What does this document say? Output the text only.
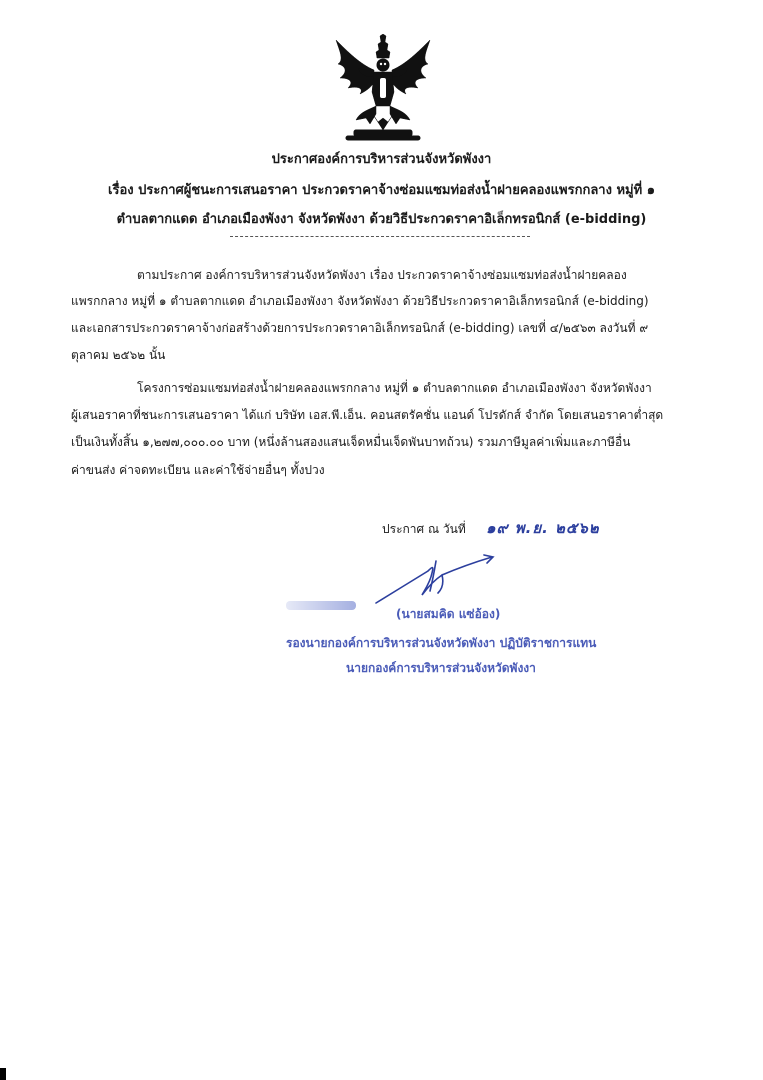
ประกาศองค์การบริหารส่วนจังหวัดพังงา
เรื่อง ประกาศผู้ชนะการเสนอราคา ประกวดราคาจ้างซ่อมแซมท่อส่งน้ำฝายคลองแพรกกลาง หมู่ที่ ๑
ตำบลตากแดด อำเภอเมืองพังงา จังหวัดพังงา ด้วยวิธีประกวดราคาอิเล็กทรอนิกส์ (e-bidding)
ตามประกาศ องค์การบริหารส่วนจังหวัดพังงา เรื่อง ประกวดราคาจ้างซ่อมแซมท่อส่งน้ำฝายคลอง
แพรกกลาง หมู่ที่ ๑ ตำบลตากแดด อำเภอเมืองพังงา จังหวัดพังงา ด้วยวิธีประกวดราคาอิเล็กทรอนิกส์ (e-bidding)
และเอกสารประกวดราคาจ้างก่อสร้างด้วยการประกวดราคาอิเล็กทรอนิกส์ (e-bidding) เลขที่ ๔/๒๕๖๓ ลงวันที่ ๙
ตุลาคม ๒๕๖๒ นั้น
โครงการซ่อมแซมท่อส่งน้ำฝายคลองแพรกกลาง หมู่ที่ ๑ ตำบลตากแดด อำเภอเมืองพังงา จังหวัดพังงา
ผู้เสนอราคาที่ชนะการเสนอราคา ได้แก่ บริษัท เอส.พี.เอ็น. คอนสตรัคชั่น แอนด์ โปรดักส์ จำกัด โดยเสนอราคาต่ำสุด
เป็นเงินทั้งสิ้น ๑,๒๗๗,๐๐๐.๐๐ บาท (หนึ่งล้านสองแสนเจ็ดหมื่นเจ็ดพันบาทถ้วน) รวมภาษีมูลค่าเพิ่มและภาษีอื่น
ค่าขนส่ง ค่าจดทะเบียน และค่าใช้จ่ายอื่นๆ ทั้งปวง
ประกาศ ณ วันที่ ๑๙ พ.ย. ๒๕๖๒
(นายสมคิด แซ่อ้อง)
รองนายกองค์การบริหารส่วนจังหวัดพังงา ปฏิบัติราชการแทน
นายกองค์การบริหารส่วนจังหวัดพังงา
